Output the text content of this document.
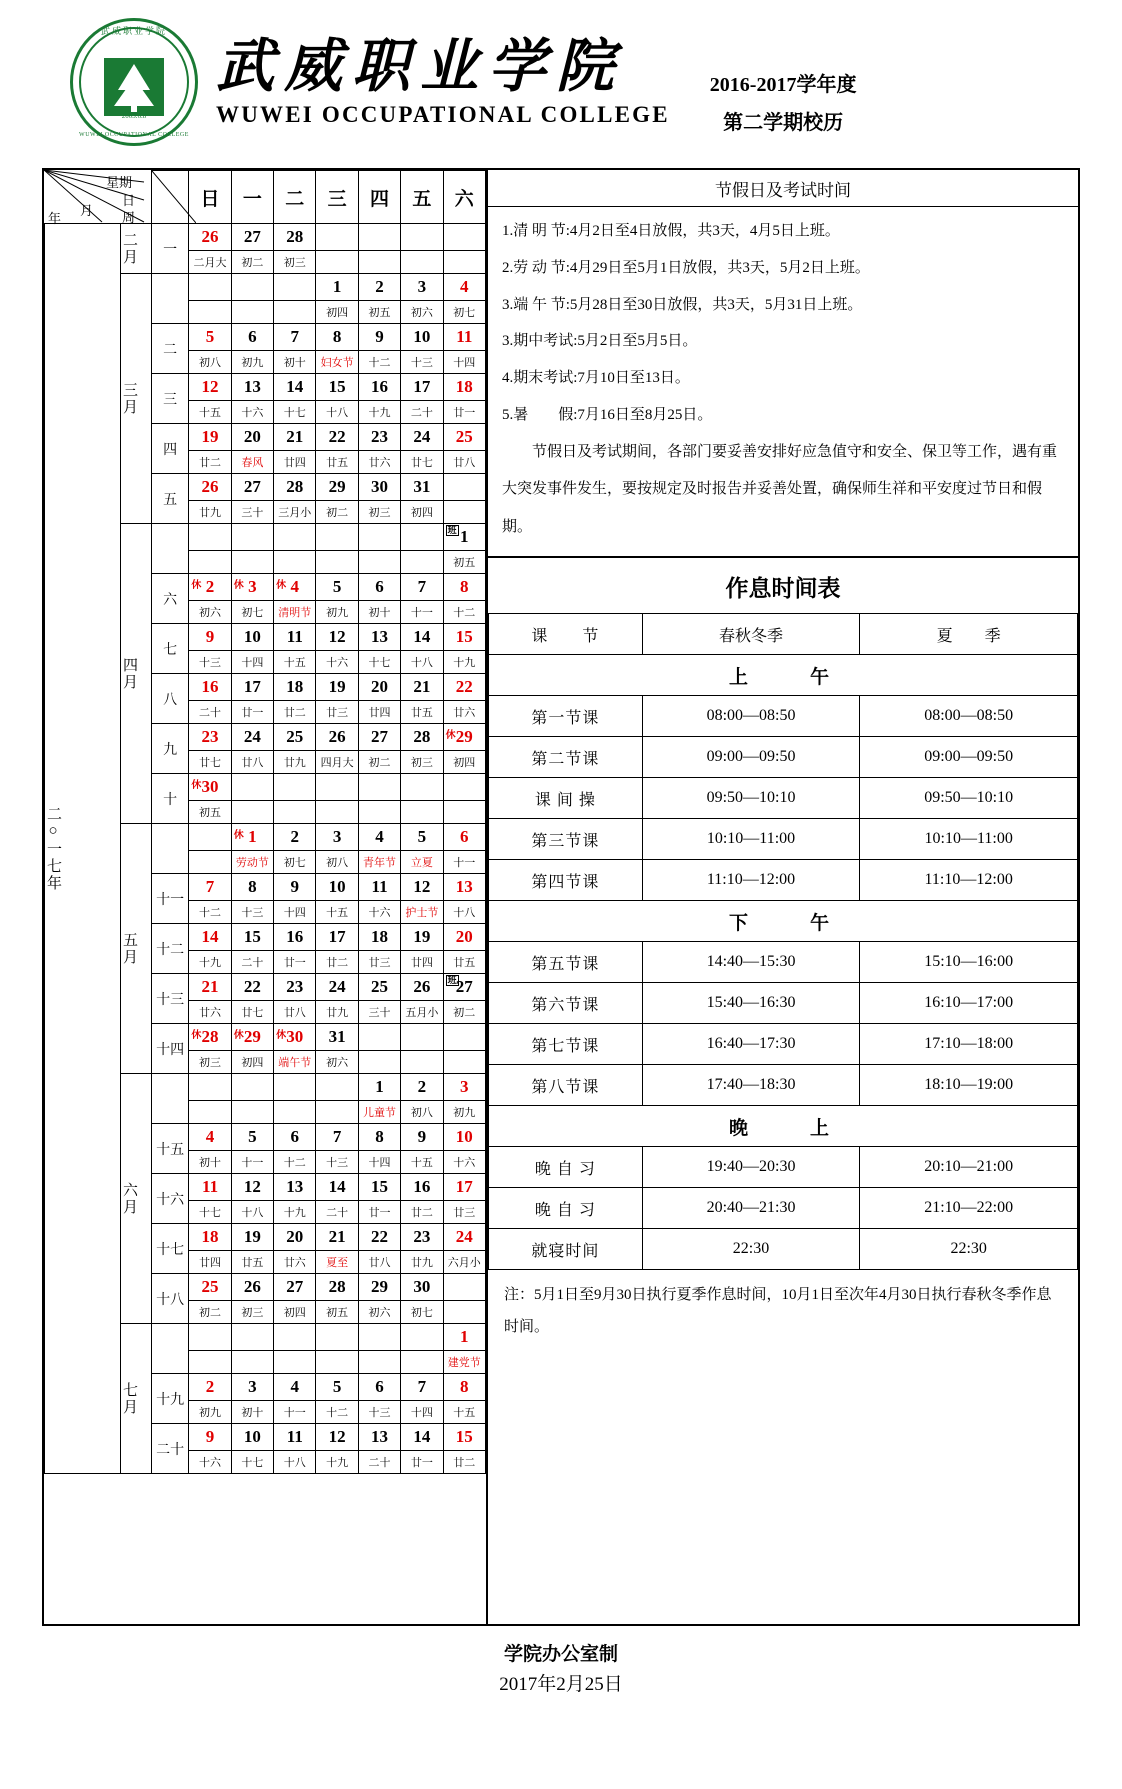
武威职业学院
2003.6.8
WUWEI OCCUPATIONAL COLLEGE
武威职业学院
WUWEI OCCUPATIONAL COLLEGE
2016-2017学年度
第二学期校历

	日	一	二	三	四	五	六

二○一七年	二月	一	26	27	28				
			二月大	初二	初三				

	三月					1	2	3	4
						初四	初五	初六	初七
		二	5	6	7	8	9	10	11
			初八	初九	初十	妇女节	十二	十三	十四
		三	12	13	14	15	16	17	18
			十五	十六	十七	十八	十九	二十	廿一
		四	19	20	21	22	23	24	25
			廿二	春风	廿四	廿五	廿六	廿七	廿八
		五	26	27	28	29	30	31	
			廿九	三十	三月小	初二	初三	初四	

	四月								班 1
									初五
		六	休 2	休 3	休 4	5	6	7	8
			初六	初七	清明节	初九	初十	十一	十二
		七	9	10	11	12	13	14	15
			十三	十四	十五	十六	十七	十八	十九
		八	16	17	18	19	20	21	22
			二十	廿一	廿二	廿三	廿四	廿五	廿六
		九	23	24	25	26	27	28	休 29
			廿七	廿八	廿九	四月大	初二	初三	初四
		十	休 30						
			初五						

	五月			休 1	2	3	4	5	6
				劳动节	初七	初八	青年节	立夏	十一
		十一	7	8	9	10	11	12	13
			十二	十三	十四	十五	十六	护士节	十八
		十二	14	15	16	17	18	19	20
			十九	二十	廿一	廿二	廿三	廿四	廿五
		十三	21	22	23	24	25	26	班 27
			廿六	廿七	廿八	廿九	三十	五月小	初二
		十四	休 28	休 29	休 30	31			
			初三	初四	端午节	初六			

	六月						1	2	3
							儿童节	初八	初九
		十五	4	5	6	7	8	9	10
			初十	十一	十二	十三	十四	十五	十六
		十六	11	12	13	14	15	16	17
			十七	十八	十九	二十	廿一	廿二	廿三
		十七	18	19	20	21	22	23	24
			廿四	廿五	廿六	夏至	廿八	廿九	六月小
		十八	25	26	27	28	29	30	
			初二	初三	初四	初五	初六	初七	

	七月								1
									建党节
		十九	2	3	4	5	6	7	8
			初九	初十	十一	十二	十三	十四	十五
		二十	9	10	11	12	13	14	15
			十六	十七	十八	十九	二十	廿一	廿二
星期
日
周
年
月
节假日及考试时间

1.清 明 节:4月2日至4日放假，共3天，4月5日上班。

2.劳 动 节:4月29日至5月1日放假，共3天，5月2日上班。

3.端 午 节:5月28日至30日放假，共3天，5月31日上班。

3.期中考试:5月2日至5月5日。

4.期末考试:7月10日至13日。

5.暑　　假:7月16日至8月25日。

节假日及考试期间，各部门要妥善安排好应急值守和安全、保卫等工作，遇有重大突发事件发生，要按规定及时报告并妥善处置，确保师生祥和平安度过节日和假期。

作息时间表
课　　节	春秋冬季	夏　　季
上　　午		
第一节课	08:00—08:50	08:00—08:50
第二节课	09:00—09:50	09:00—09:50
课 间 操	09:50—10:10	09:50—10:10
第三节课	10:10—11:00	10:10—11:00
第四节课	11:10—12:00	11:10—12:00
下　　午		
第五节课	14:40—15:30	15:10—16:00
第六节课	15:40—16:30	16:10—17:00
第七节课	16:40—17:30	17:10—18:00
第八节课	17:40—18:30	18:10—19:00
晚　　上		
晚 自 习	19:40—20:30	20:10—21:00
晚 自 习	20:40—21:30	21:10—22:00
就寝时间	22:30	22:30
注：5月1日至9月30日执行夏季作息时间，10月1日至次年4月30日执行春秋冬季作息时间。
学院办公室制
2017年2月25日
